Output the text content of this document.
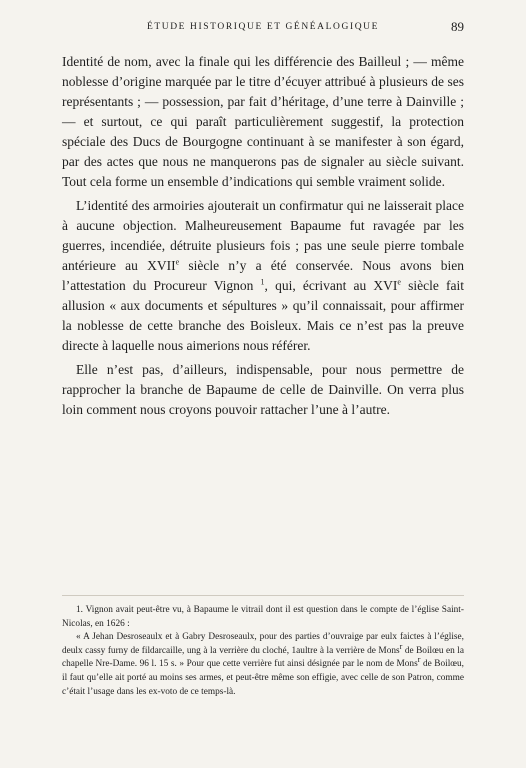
ÉTUDE HISTORIQUE ET GÉNÉALOGIQUE	89

Identité de nom, avec la finale qui les différencie des Bailleul ; — même noblesse d’origine marquée par le titre d’écuyer attribué à plusieurs de ses représentants ; — possession, par fait d’héritage, d’une terre à Dainville ; — et surtout, ce qui paraît particulièrement suggestif, la protection spéciale des Ducs de Bourgogne continuant à se manifester à son égard, par des actes que nous ne manquerons pas de signaler au siècle suivant. Tout cela forme un ensemble d’indications qui semble vraiment solide.

L’identité des armoiries ajouterait un confirmatur qui ne laisserait place à aucune objection. Malheureusement Bapaume fut ravagée par les guerres, incendiée, détruite plusieurs fois ; pas une seule pierre tombale antérieure au XVIIe siècle n’y a été conservée. Nous avons bien l’attestation du Procureur Vignon $^1$, qui, écrivant au XVIe siècle fait allusion « aux documents et sépultures » qu’il connaissait, pour affirmer la noblesse de cette branche des Boisleux. Mais ce n’est pas la preuve directe à laquelle nous aimerions nous référer.

Elle n’est pas, d’ailleurs, indispensable, pour nous permettre de rapprocher la branche de Bapaume de celle de Dainville. On verra plus loin comment nous croyons pouvoir rattacher l’une à l’autre.

1. Vignon avait peut-être vu, à Bapaume le vitrail dont il est question dans le compte de l’église Saint-Nicolas, en 1626 :

« A Jehan Desroseaulx et à Gabry Desroseaulx, pour des parties d’ouvraige par eulx faictes à l’église, deulx cassy furny de fildarcaille, ung à la verrière du cloché, 1aultre à la verrière de Mons$^r$ de Boilœu en la chapelle Nre-Dame. 96 l. 15 s. » Pour que cette verrière fut ainsi désignée par le nom de Mons$^r$ de Boilœu, il faut qu’elle ait porté au moins ses armes, et peut-être même son effigie, avec celle de son Patron, comme c’était l’usage dans les ex-voto de ce temps-là.
